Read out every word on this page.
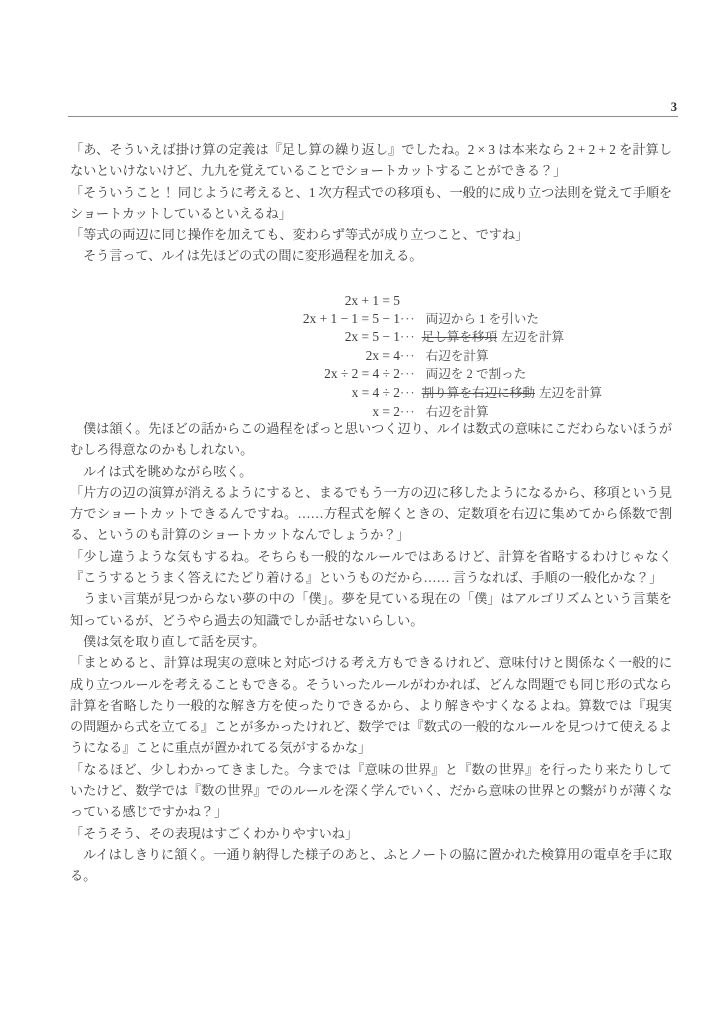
3

「あ、そういえば掛け算の定義は『足し算の繰り返し』でしたね。2 × 3 は本来なら 2 + 2 + 2 を計算しないといけないけど、九九を覚えていることでショートカットすることができる？」

「そういうこと！ 同じように考えると、1 次方程式での移項も、一般的に成り立つ法則を覚えて手順をショートカットしているといえるね」

「等式の両辺に同じ操作を加えても、変わらず等式が成り立つこと、ですね」

そう言って、ルイは先ほどの式の間に変形過程を加える。

2x + 1 = 5	
2x + 1 − 1 = 5 − 1	··· 両辺から 1 を引いた
2x = 5 − 1	··· 足し算を移項 左辺を計算
2x = 4	··· 右辺を計算
2x ÷ 2 = 4 ÷ 2	··· 両辺を 2 で割った
x = 4 ÷ 2	··· 割り算を右辺に移動 左辺を計算
x = 2	··· 右辺を計算

僕は頷く。先ほどの話からこの過程をぱっと思いつく辺り、ルイは数式の意味にこだわらないほうがむしろ得意なのかもしれない。

ルイは式を眺めながら呟く。

「片方の辺の演算が消えるようにすると、まるでもう一方の辺に移したようになるから、移項という見方でショートカットできるんですね。……方程式を解くときの、定数項を右辺に集めてから係数で割る、というのも計算のショートカットなんでしょうか？」

「少し違うような気もするね。そちらも一般的なルールではあるけど、計算を省略するわけじゃなく『こうするとうまく答えにたどり着ける』というものだから…… 言うなれば、手順の一般化かな？」

うまい言葉が見つからない夢の中の「僕」。夢を見ている現在の「僕」はアルゴリズムという言葉を知っているが、どうやら過去の知識でしか話せないらしい。

僕は気を取り直して話を戻す。

「まとめると、計算は現実の意味と対応づける考え方もできるけれど、意味付けと関係なく一般的に成り立つルールを考えることもできる。そういったルールがわかれば、どんな問題でも同じ形の式なら計算を省略したり一般的な解き方を使ったりできるから、より解きやすくなるよね。算数では『現実の問題から式を立てる』ことが多かったけれど、数学では『数式の一般的なルールを見つけて使えるようになる』ことに重点が置かれてる気がするかな」

「なるほど、少しわかってきました。今までは『意味の世界』と『数の世界』を行ったり来たりしていたけど、数学では『数の世界』でのルールを深く学んでいく、だから意味の世界との繋がりが薄くなっている感じですかね？」

「そうそう、その表現はすごくわかりやすいね」

ルイはしきりに頷く。一通り納得した様子のあと、ふとノートの脇に置かれた検算用の電卓を手に取る。
